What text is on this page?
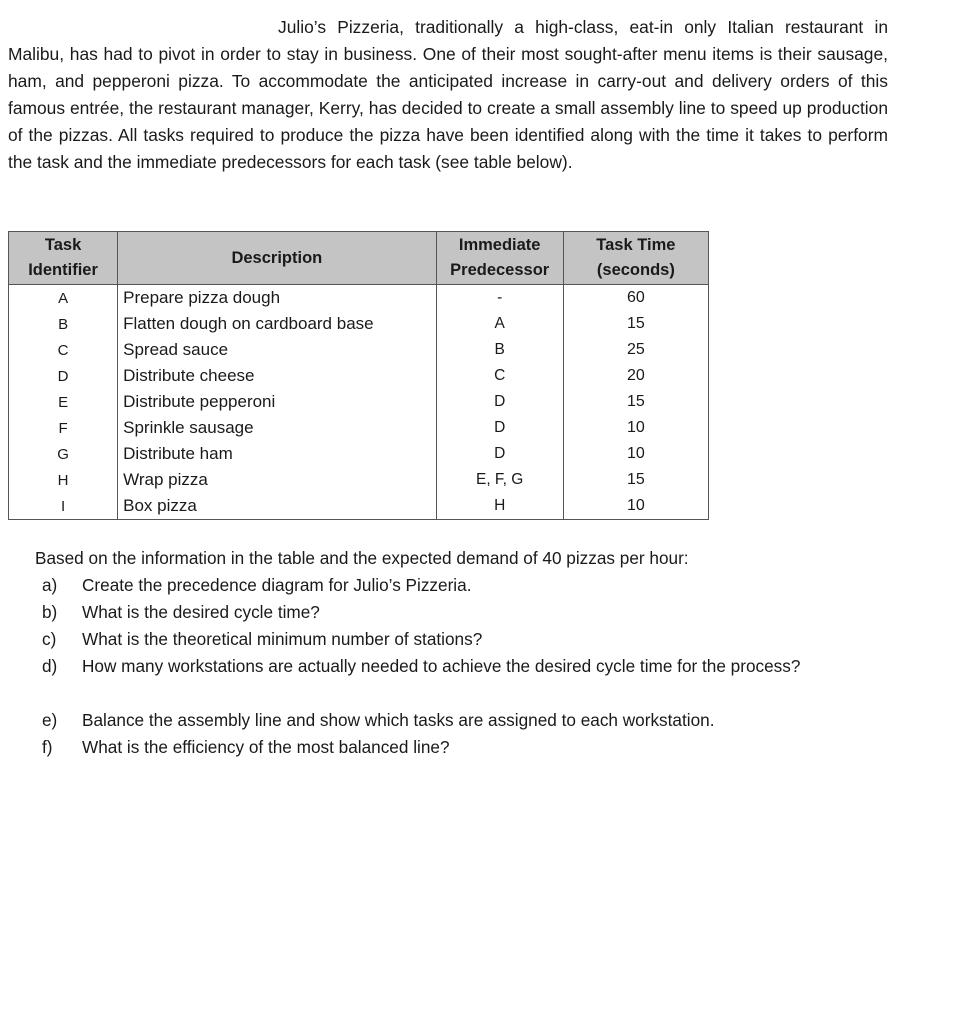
Julio’s Pizzeria, traditionally a high-class, eat-in only Italian restaurant in Malibu, has had to pivot in order to stay in business. One of their most sought-after menu items is their sausage, ham, and pepperoni pizza. To accommodate the anticipated increase in carry-out and delivery orders of this famous entrée, the restaurant manager, Kerry, has decided to create a small assembly line to speed up production of the pizzas. All tasks required to produce the pizza have been identified along with the time it takes to perform the task and the immediate predecessors for each task (see table below).

Task Identifier	Description	Immediate Predecessor	Task Time (seconds)
A	Prepare pizza dough	-	60
B	Flatten dough on cardboard base	A	15
C	Spread sauce	B	25
D	Distribute cheese	C	20
E	Distribute pepperoni	D	15
F	Sprinkle sausage	D	10
G	Distribute ham	D	10
H	Wrap pizza	E, F, G	15
I	Box pizza	H	10

Based on the information in the table and the expected demand of 40 pizzas per hour:

a) Create the precedence diagram for Julio’s Pizzeria.
b) What is the desired cycle time?
c) What is the theoretical minimum number of stations?
d) How many workstations are actually needed to achieve the desired cycle time for the process?
e) Balance the assembly line and show which tasks are assigned to each workstation.
f) What is the efficiency of the most balanced line?
